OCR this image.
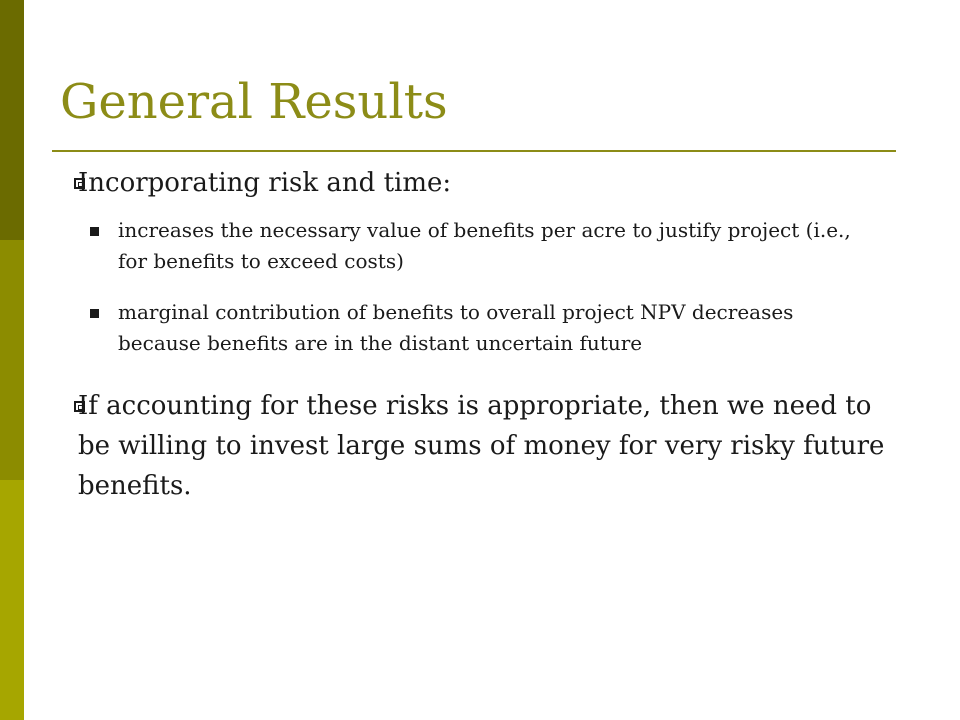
General Results
Incorporating risk and time:
increases the necessary value of benefits per acre to justify project (i.e., for benefits to exceed costs)
marginal contribution of benefits to overall project NPV decreases because benefits are in the distant uncertain future
If accounting for these risks is appropriate, then we need to be willing to invest large sums of money for very risky future benefits.
